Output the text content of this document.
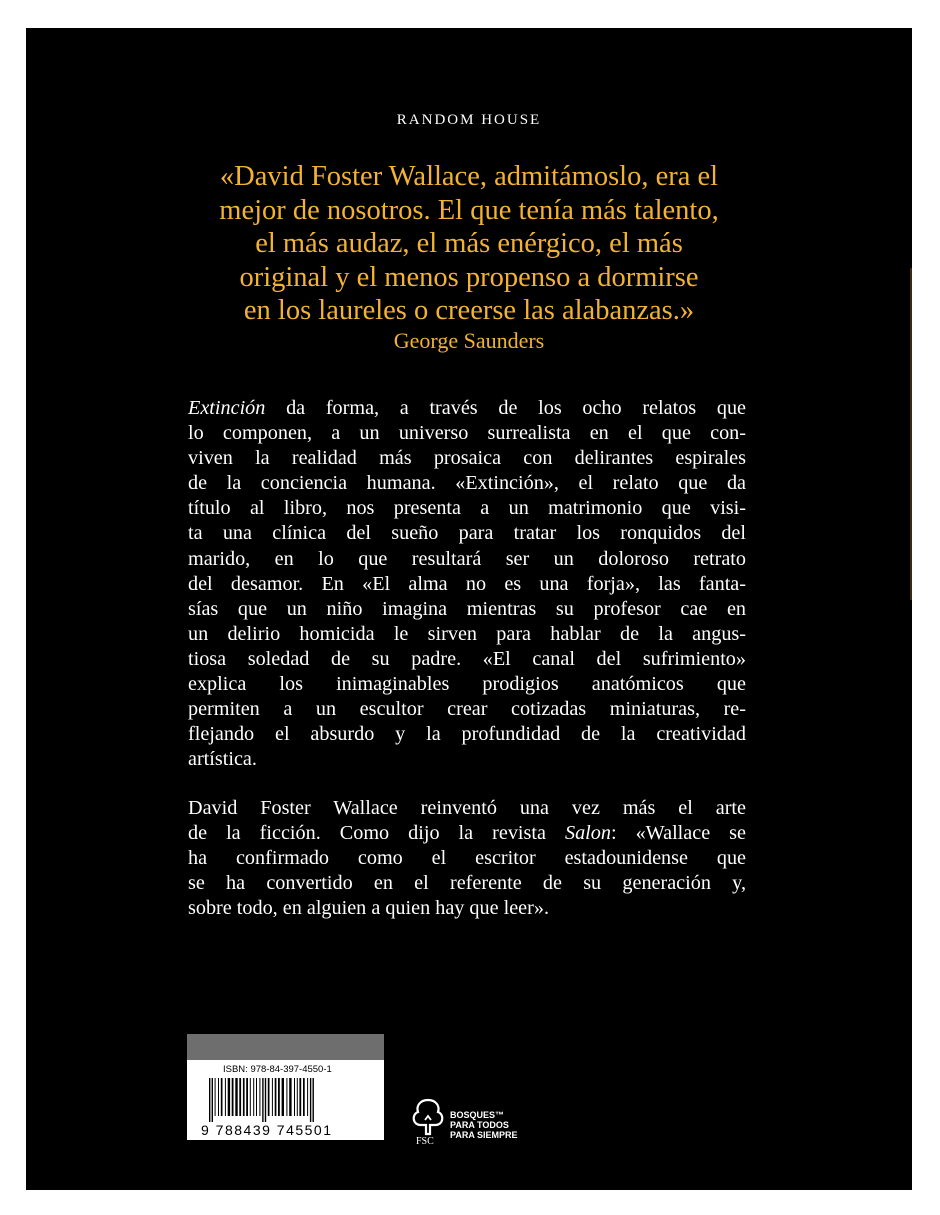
RANDOM HOUSE
«David Foster Wallace, admitámoslo, era el
mejor de nosotros. El que tenía más talento,
el más audaz, el más enérgico, el más
original y el menos propenso a dormirse
en los laureles o creerse las alabanzas.»
George Saunders
Extinción da forma, a través de los ocho relatos que
lo componen, a un universo surrealista en el que con-
viven la realidad más prosaica con delirantes espirales
de la conciencia humana. «Extinción», el relato que da
título al libro, nos presenta a un matrimonio que visi-
ta una clínica del sueño para tratar los ronquidos del
marido, en lo que resultará ser un doloroso retrato
del desamor. En «El alma no es una forja», las fanta-
sías que un niño imagina mientras su profesor cae en
un delirio homicida le sirven para hablar de la angus-
tiosa soledad de su padre. «El canal del sufrimiento»
explica los inimaginables prodigios anatómicos que
permiten a un escultor crear cotizadas miniaturas, re-
flejando el absurdo y la profundidad de la creatividad
artística.
David Foster Wallace reinventó una vez más el arte
de la ficción. Como dijo la revista Salon: «Wallace se
ha confirmado como el escritor estadounidense que
se ha convertido en el referente de su generación y,
sobre todo, en alguien a quien hay que leer».
ISBN: 978-84-397-4550-1
9 788439 745501
FSC
BOSQUES™
PARA TODOS
PARA SIEMPRE
